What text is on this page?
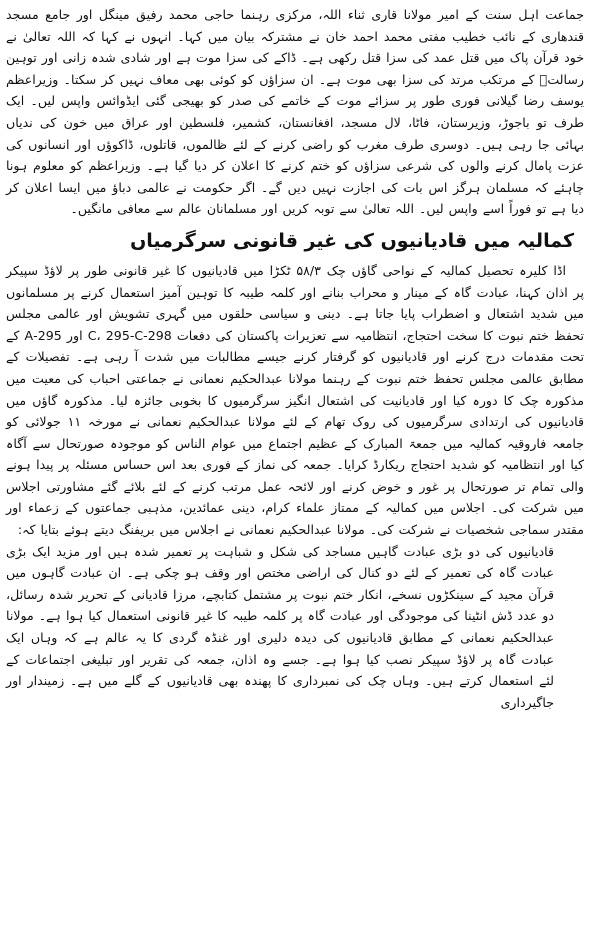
جماعت اہل سنت کے امیر مولانا قاری ثناء اللہ، مرکزی رہنما حاجی محمد رفیق مینگل اور جامع مسجد قندھاری کے نائب خطیب مفتی محمد احمد خان نے مشترکہ بیان میں کہا۔ انہوں نے کہا کہ اللہ تعالیٰ نے خود قرآن پاک میں قتل عمد کی سزا قتل رکھی ہے۔ ڈاکے کی سزا موت ہے اور شادی شدہ زانی اور توہین رسالتؐ کے مرتکب مرتد کی سزا بھی موت ہے۔ ان سزاؤں کو کوئی بھی معاف نہیں کر سکتا۔ وزیراعظم یوسف رضا گیلانی فوری طور پر سزائے موت کے خاتمے کی صدر کو بھیجی گئی ایڈوائس واپس لیں۔ ایک طرف تو باجوڑ، وزیرستان، فاٹا، لال مسجد، افغانستان، کشمیر، فلسطین اور عراق میں خون کی ندیاں بہائی جا رہی ہیں۔ دوسری طرف مغرب کو راضی کرنے کے لئے ظالموں، قاتلوں، ڈاکوؤں اور انسانوں کی عزت پامال کرنے والوں کی شرعی سزاؤں کو ختم کرنے کا اعلان کر دیا گیا ہے۔ وزیراعظم کو معلوم ہونا چاہئے کہ مسلمان ہرگز اس بات کی اجازت نہیں دیں گے۔ اگر حکومت نے عالمی دباؤ میں ایسا اعلان کر دیا ہے تو فوراً اسے واپس لیں۔ اللہ تعالیٰ سے توبہ کریں اور مسلمانان عالم سے معافی مانگیں۔

کمالیہ میں قادیانیوں کی غیر قانونی سرگرمیاں

اڈا کلیرہ تحصیل کمالیہ کے نواحی گاؤں چک ۵۸/۳ ٹکڑا میں قادیانیوں کا غیر قانونی طور پر لاؤڈ سپیکر پر اذان کہنا، عبادت گاہ کے مینار و محراب بنانے اور کلمہ طیبہ کا توہین آمیز استعمال کرنے پر مسلمانوں میں شدید اشتعال و اضطراب پایا جاتا ہے۔ دینی و سیاسی حلقوں میں گہری تشویش اور عالمی مجلس تحفظ ختم نبوت کا سخت احتجاج، انتظامیہ سے تعزیرات پاکستان کی دفعات 298-C، 295-C اور 295-A کے تحت مقدمات درج کرنے اور قادیانیوں کو گرفتار کرنے جیسے مطالبات میں شدت آ رہی ہے۔ تفصیلات کے مطابق عالمی مجلس تحفظ ختم نبوت کے رہنما مولانا عبدالحکیم نعمانی نے جماعتی احباب کی معیت میں مذکورہ چک کا دورہ کیا اور قادیانیت کی اشتعال انگیز سرگرمیوں کا بخوبی جائزہ لیا۔ مذکورہ گاؤں میں قادیانیوں کی ارتدادی سرگرمیوں کی روک تھام کے لئے مولانا عبدالحکیم نعمانی نے مورخہ ۱۱ جولائی کو جامعہ فاروقیہ کمالیہ میں جمعۃ المبارک کے عظیم اجتماع میں عوام الناس کو موجودہ صورتحال سے آگاہ کیا اور انتظامیہ کو شدید احتجاج ریکارڈ کرایا۔ جمعہ کی نماز کے فوری بعد اس حساس مسئلہ پر پیدا ہونے والی تمام تر صورتحال پر غور و خوض کرنے اور لائحہ عمل مرتب کرنے کے لئے بلائے گئے مشاورتی اجلاس میں شرکت کی۔ اجلاس میں کمالیہ کے ممتاز علماء کرام، دینی عمائدین، مذہبی جماعتوں کے زعماء اور مقتدر سماجی شخصیات نے شرکت کی۔ مولانا عبدالحکیم نعمانی نے اجلاس میں بریفنگ دیتے ہوئے بتایا کہ:

قادیانیوں کی دو بڑی عبادت گاہیں مساجد کی شکل و شباہت پر تعمیر شدہ ہیں اور مزید ایک بڑی عبادت گاہ کی تعمیر کے لئے دو کنال کی اراضی مختص اور وقف ہو چکی ہے۔ ان عبادت گاہوں میں قرآن مجید کے سینکڑوں نسخے، انکار ختم نبوت پر مشتمل کتابچے، مرزا قادیانی کے تحریر شدہ رسائل، دو عدد ڈش انٹینا کی موجودگی اور عبادت گاہ پر کلمہ طیبہ کا غیر قانونی استعمال کیا ہوا ہے۔ مولانا عبدالحکیم نعمانی کے مطابق قادیانیوں کی دیدہ دلیری اور غنڈہ گردی کا یہ عالم ہے کہ وہاں ایک عبادت گاہ پر لاؤڈ سپیکر نصب کیا ہوا ہے۔ جسے وہ اذان، جمعہ کی تقریر اور تبلیغی اجتماعات کے لئے استعمال کرتے ہیں۔ وہاں چک کی نمبرداری کا پھندہ بھی قادیانیوں کے گلے میں ہے۔ زمیندار اور جاگیرداری
